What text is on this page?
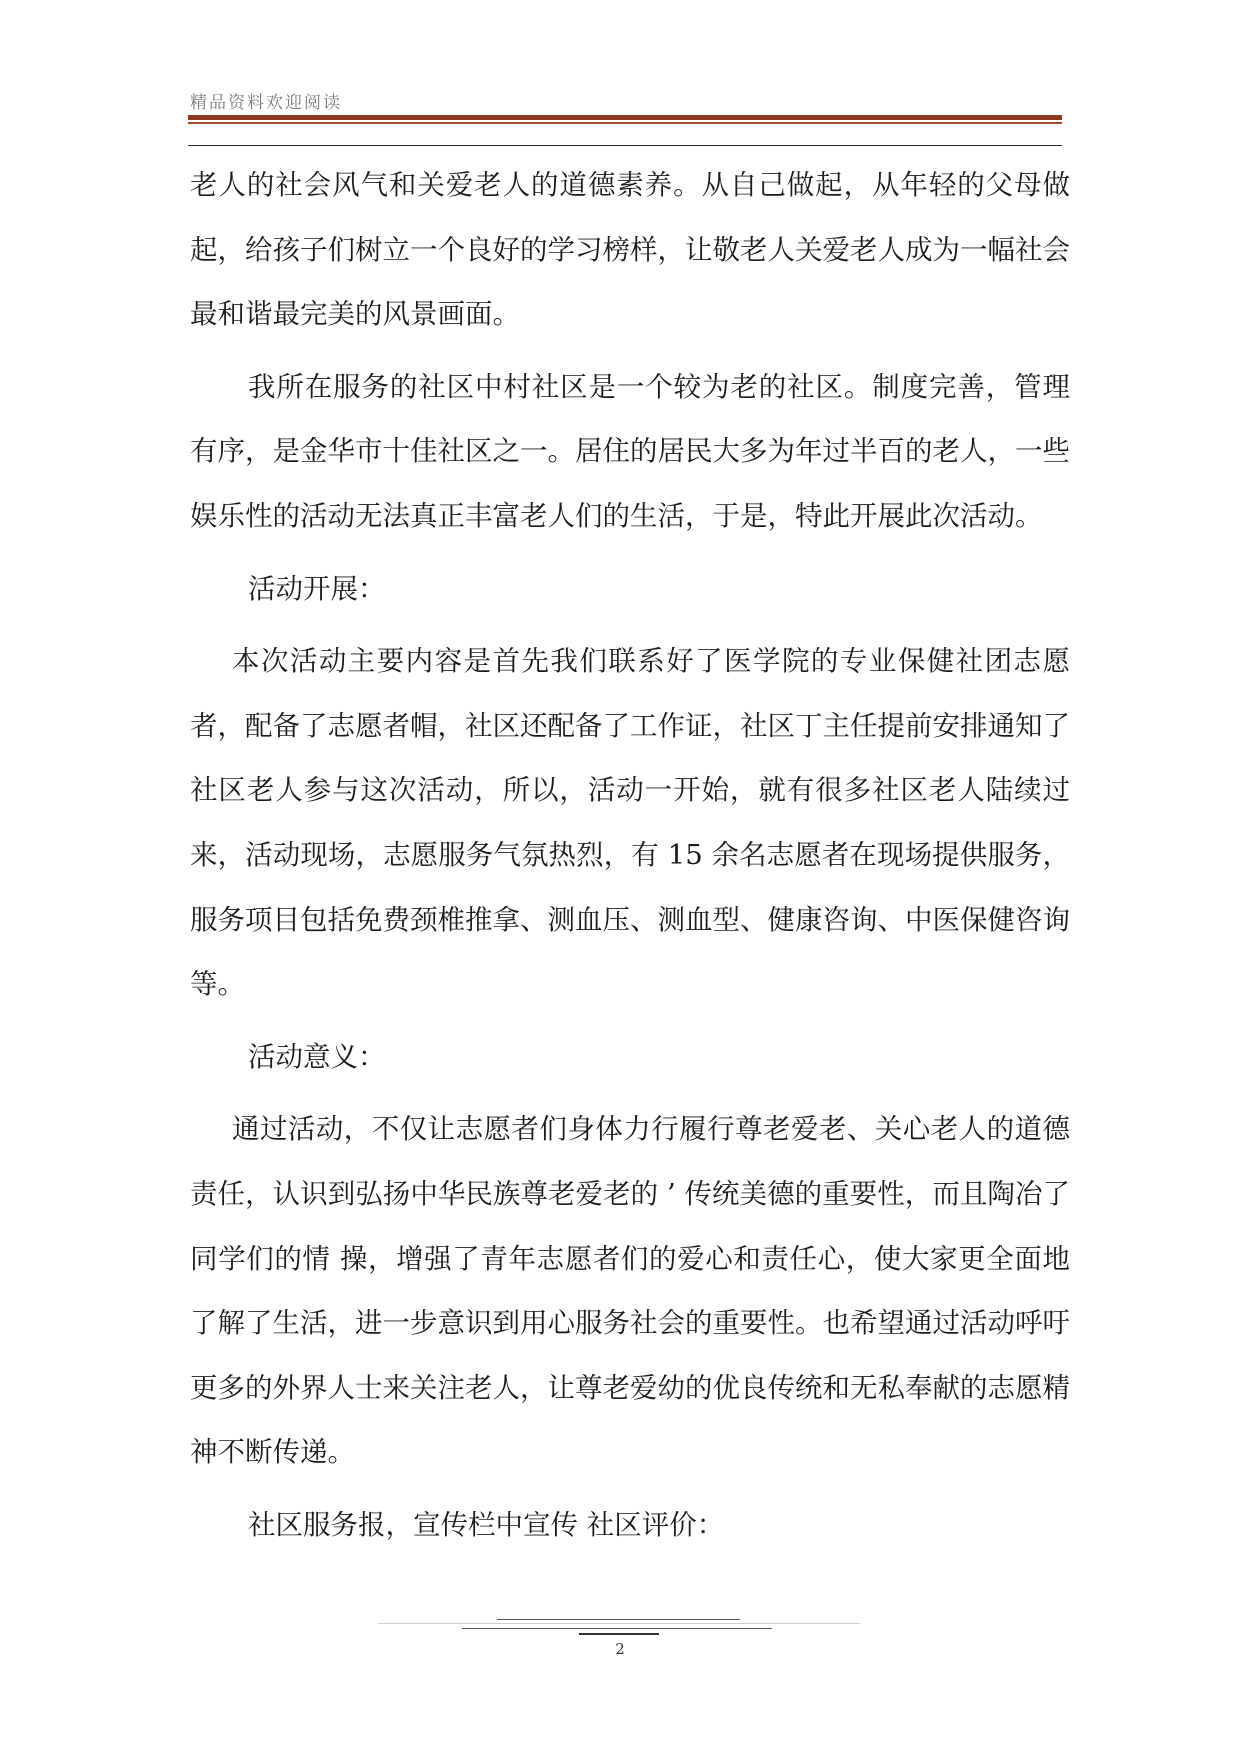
精品资料欢迎阅读

老人的社会风气和关爱老人的道德素养。从自己做起，从年轻的父母做起，给孩子们树立一个良好的学习榜样，让敬老人关爱老人成为一幅社会最和谐最完美的风景画面。

我所在服务的社区中村社区是一个较为老的社区。制度完善，管理有序，是金华市十佳社区之一。居住的居民大多为年过半百的老人，一些娱乐性的活动无法真正丰富老人们的生活，于是，特此开展此次活动。

活动开展：

本次活动主要内容是首先我们联系好了医学院的专业保健社团志愿者，配备了志愿者帽，社区还配备了工作证，社区丁主任提前安排通知了社区老人参与这次活动，所以，活动一开始，就有很多社区老人陆续过来，活动现场，志愿服务气氛热烈，有 15 余名志愿者在现场提供服务，服务项目包括免费颈椎推拿、测血压、测血型、健康咨询、中医保健咨询等。

活动意义：

通过活动，不仅让志愿者们身体力行履行尊老爱老、关心老人的道德责任，认识到弘扬中华民族尊老爱老的 ’ 传统美德的重要性，而且陶冶了同学们的情 操，增强了青年志愿者们的爱心和责任心，使大家更全面地了解了生活，进一步意识到用心服务社会的重要性。也希望通过活动呼吁更多的外界人士来关注老人，让尊老爱幼的优良传统和无私奉献的志愿精神不断传递。

社区服务报，宣传栏中宣传 社区评价：

2
